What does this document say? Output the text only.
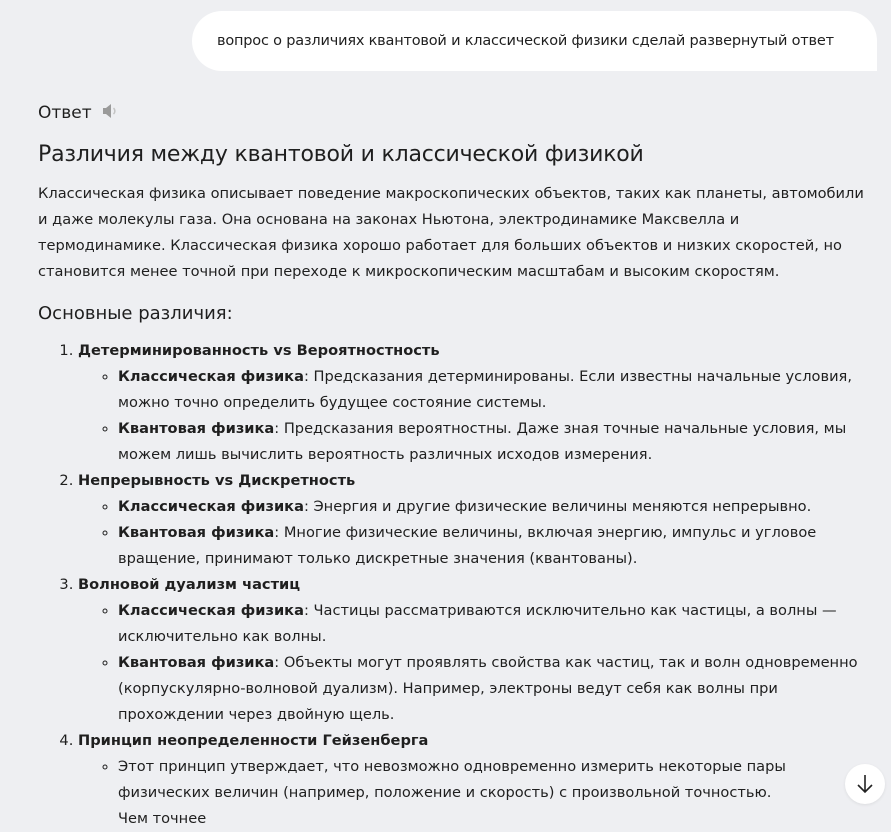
вопрос о различиях квантовой и классической физики сделай развернутый ответ
Ответ
Различия между квантовой и классической физикой

Классическая физика описывает поведение макроскопических объектов, таких как планеты, автомобили и даже молекулы газа. Она основана на законах Ньютона, электродинамике Максвелла и термодинамике. Классическая физика хорошо работает для больших объектов и низких скоростей, но становится менее точной при переходе к микроскопическим масштабам и высоким скоростям.

Основные различия:
1. Детерминированность vs Вероятностность
◦ Классическая физика: Предсказания детерминированы. Если известны начальные условия, можно точно определить будущее состояние системы.
◦ Квантовая физика: Предсказания вероятностны. Даже зная точные начальные условия, мы можем лишь вычислить вероятность различных исходов измерения.
2. Непрерывность vs Дискретность
◦ Классическая физика: Энергия и другие физические величины меняются непрерывно.
◦ Квантовая физика: Многие физические величины, включая энергию, импульс и угловое вращение, принимают только дискретные значения (квантованы).
3. Волновой дуализм частиц
◦ Классическая физика: Частицы рассматриваются исключительно как частицы, а волны — исключительно как волны.
◦ Квантовая физика: Объекты могут проявлять свойства как частиц, так и волн одновременно (корпускулярно-волновой дуализм). Например, электроны ведут себя как волны при прохождении через двойную щель.
4. Принцип неопределенности Гейзенберга
◦ Этот принцип утверждает, что невозможно одновременно измерить некоторые пары физических величин (например, положение и скорость) с произвольной точностью. Чем точнее
